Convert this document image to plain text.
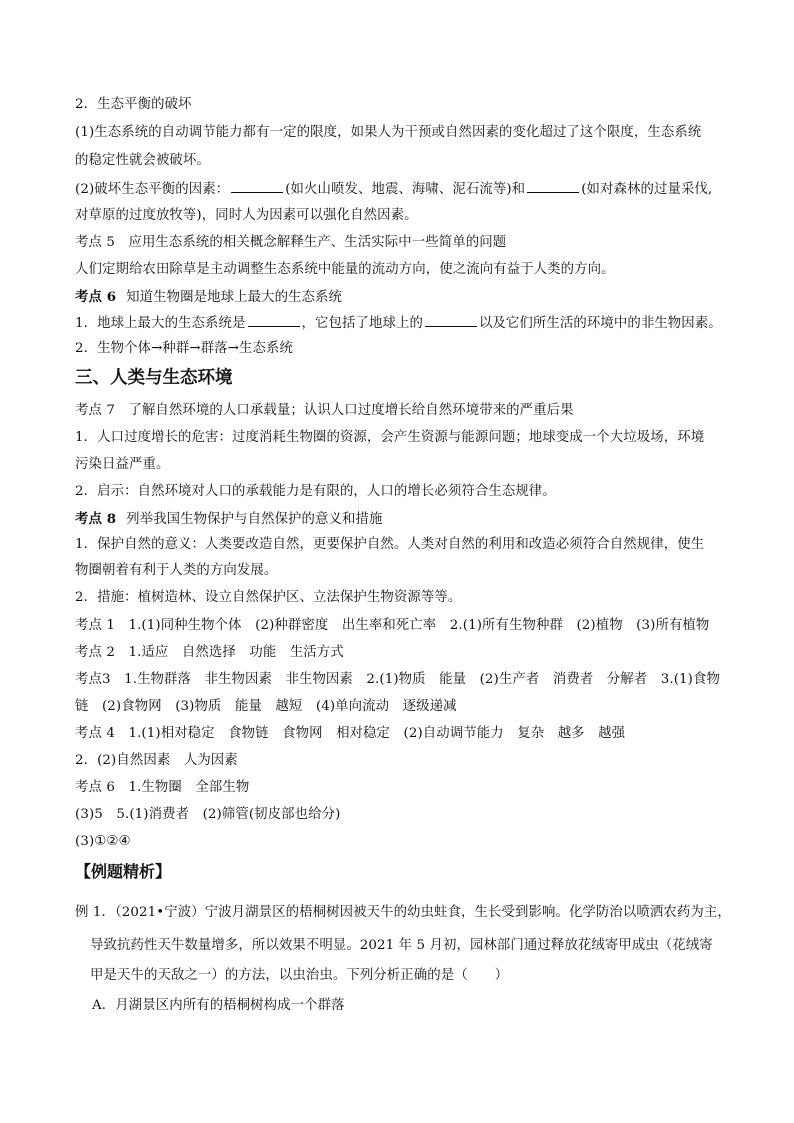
2．生态平衡的破坏
(1)生态系统的自动调节能力都有一定的限度，如果人为干预或自然因素的变化超过了这个限度，生态系统
的稳定性就会被破坏。
(2)破坏生态平衡的因素：	(如火山喷发、地震、海啸、泥石流等)和	(如对森林的过量采伐,
对草原的过度放牧等)，同时人为因素可以强化自然因素。
考点 5　应用生态系统的相关概念解释生产、生活实际中一些简单的问题
人们定期给农田除草是主动调整生态系统中能量的流动方向，使之流向有益于人类的方向。
考点 6 知道生物圈是地球上最大的生态系统
1．地球上最大的生态系统是	，它包括了地球上的	以及它们所生活的环境中的非生物因素。
2．生物个体→种群→群落→生态系统
三、人类与生态环境
考点 7　了解自然环境的人口承载量；认识人口过度增长给自然环境带来的严重后果
1．人口过度增长的危害：过度消耗生物圈的资源，会产生资源与能源问题；地球变成一个大垃圾场，环境
污染日益严重。
2．启示：自然环境对人口的承载能力是有限的，人口的增长必须符合生态规律。
考点 8 列举我国生物保护与自然保护的意义和措施
1．保护自然的意义：人类要改造自然，更要保护自然。人类对自然的利用和改造必须符合自然规律，使生
物圈朝着有利于人类的方向发展。
2．措施：植树造林、设立自然保护区、立法保护生物资源等等。
考点 1　1.(1)同种生物个体　(2)种群密度　出生率和死亡率　2.(1)所有生物种群　(2)植物　(3)所有植物
考点 2　1.适应　自然选择　功能　生活方式
考点3　1.生物群落　非生物因素　非生物因素　2.(1)物质　能量　(2)生产者　消费者　分解者　3.(1)食物
链　(2)食物网　(3)物质　能量　越短　(4)单向流动　逐级递减
考点 4　1.(1)相对稳定　食物链　食物网　相对稳定　(2)自动调节能力　复杂　越多　越强
2．(2)自然因素　人为因素
考点 6　1.生物圈　全部生物
(3)5　5.(1)消费者　(2)筛管(韧皮部也给分)
(3)①②④
【例题精析】
例 1．（2021•宁波）宁波月湖景区的梧桐树因被天牛的幼虫蛀食，生长受到影响。化学防治以喷洒农药为主，
导致抗药性天牛数量增多，所以效果不明显。2021 年 5 月初，园林部门通过释放花绒寄甲成虫（花绒寄
甲是天牛的天敌之一）的方法，以虫治虫。下列分析正确的是（　　）
A．月湖景区内所有的梧桐树构成一个群落
